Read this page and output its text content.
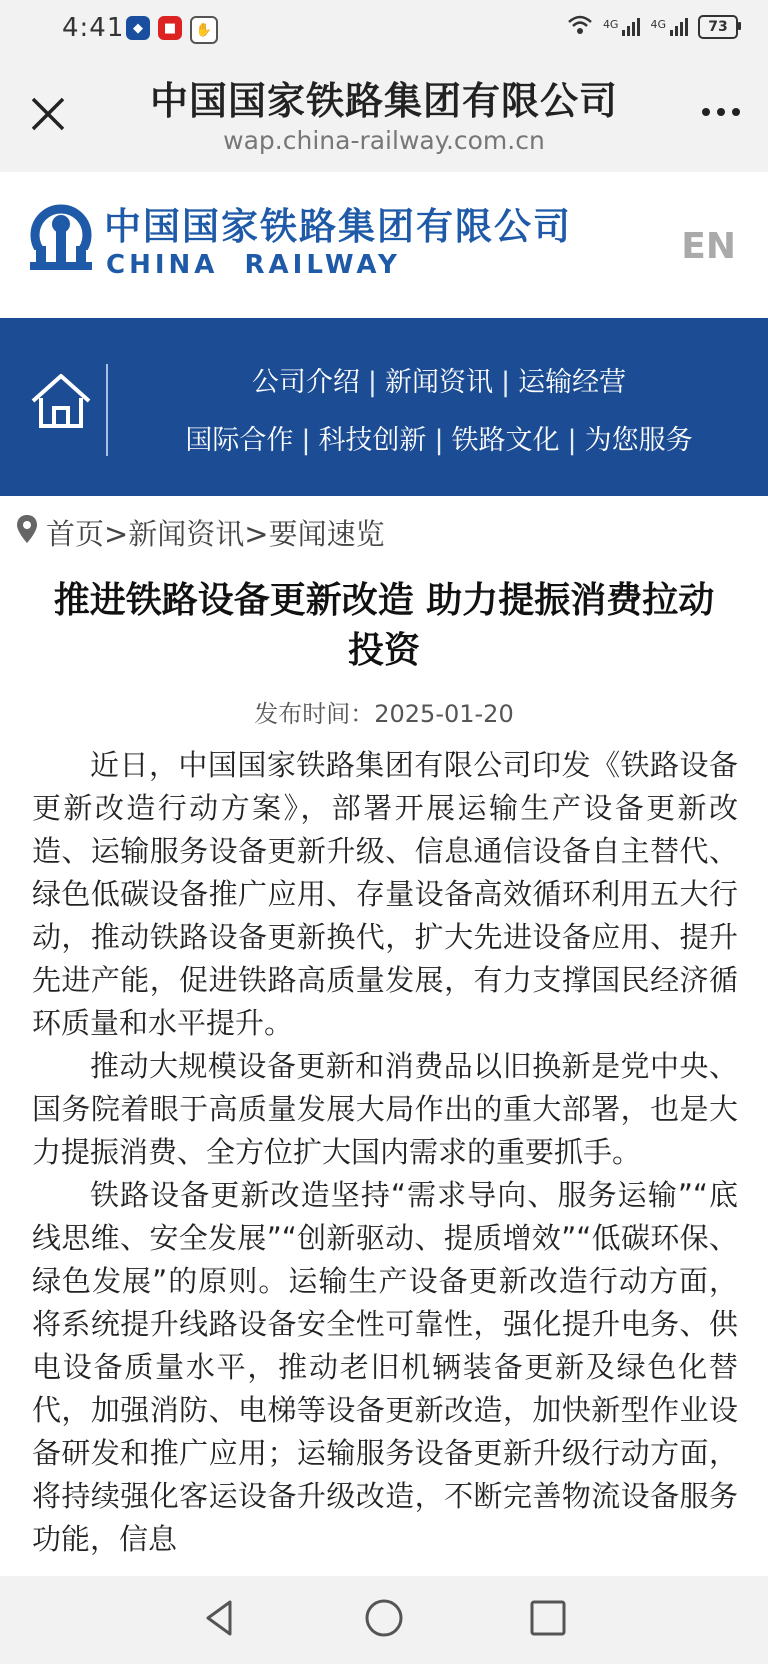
4:41 ◆	■	✋	4G	4G	73
中国国家铁路集团有限公司
wap.china-railway.com.cn
中国国家铁路集团有限公司
CHINA  RAILWAY	EN
公司介绍 | 新闻资讯 | 运输经营
国际合作 | 科技创新 | 铁路文化 | 为您服务
首页>新闻资讯>要闻速览
推进铁路设备更新改造 助力提振消费拉动投资
发布时间：2025-01-20

近日，中国国家铁路集团有限公司印发《铁路设备更新改造行动方案》，部署开展运输生产设备更新改造、运输服务设备更新升级、信息通信设备自主替代、绿色低碳设备推广应用、存量设备高效循环利用五大行动，推动铁路设备更新换代，扩大先进设备应用、提升先进产能，促进铁路高质量发展，有力支撑国民经济循环质量和水平提升。

推动大规模设备更新和消费品以旧换新是党中央、国务院着眼于高质量发展大局作出的重大部署，也是大力提振消费、全方位扩大国内需求的重要抓手。

铁路设备更新改造坚持“需求导向、服务运输”“底线思维、安全发展”“创新驱动、提质增效”“低碳环保、绿色发展”的原则。运输生产设备更新改造行动方面，将系统提升线路设备安全性可靠性，强化提升电务、供电设备质量水平，推动老旧机辆装备更新及绿色化替代，加强消防、电梯等设备更新改造，加快新型作业设备研发和推广应用；运输服务设备更新升级行动方面，将持续强化客运设备升级改造，不断完善物流设备服务功能，信息
